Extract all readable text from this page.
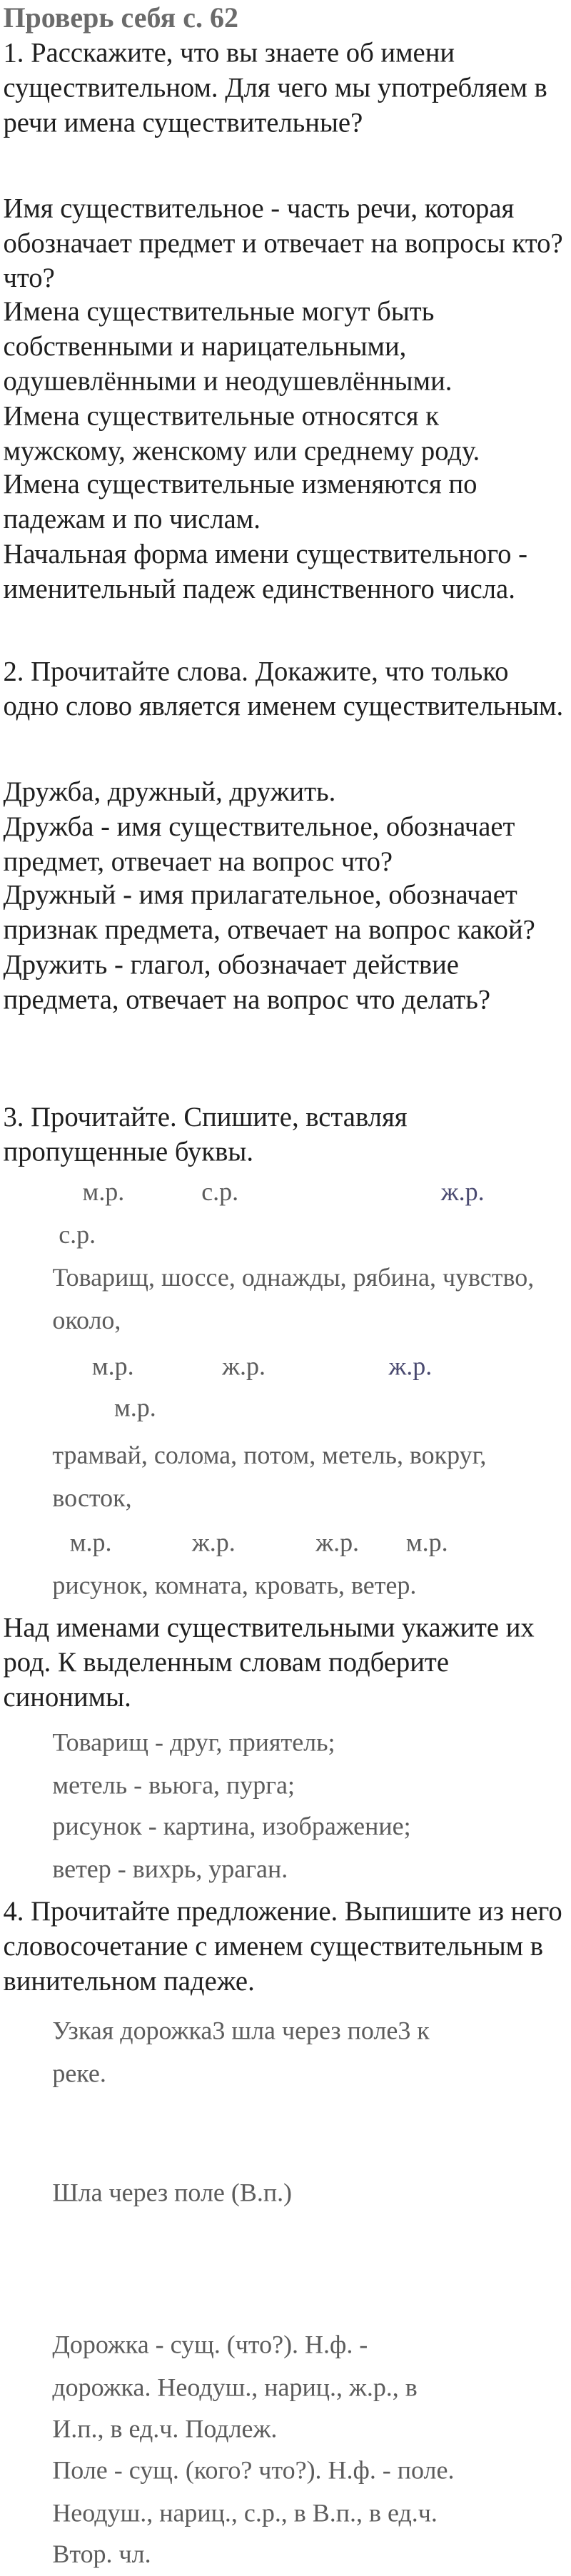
Проверь себя с. 62

1. Расскажите, что вы знаете об имени существительном. Для чего мы употребляем в речи имена существительные?

Имя существительное - часть речи, которая обозначает предмет и отвечает на вопросы кто? что?
Имена существительные могут быть собственными и нарицательными, одушевлёнными и неодушевлёнными.
Имена существительные относятся к мужскому, женскому или среднему роду.
Имена существительные изменяются по падежам и по числам.
Начальная форма имени существительного - именительный падеж единственного числа.

2. Прочитайте слова. Докажите, что только одно слово является именем существительным.

Дружба, дружный, дружить.
Дружба - имя существительное, обозначает предмет, отвечает на вопрос что?
Дружный - имя прилагательное, обозначает признак предмета, отвечает на вопрос какой?
Дружить - глагол, обозначает действие предмета, отвечает на вопрос что делать?

3. Прочитайте. Спишите, вставляя пропущенные буквы.

м.р.	с.р.	ж.р.
с.р.

Товарищ, шоссе, однажды, рябина, чувство, около,

м.р.	ж.р.	ж.р.
м.р.

трамвай, солома, потом, метель, вокруг, восток,

м.р.	ж.р.	ж.р.	м.р.

рисунок, комната, кровать, ветер.

Над именами существительными укажите их род. К выделенным словам подберите синонимы.

Товарищ - друг, приятель;
метель - вьюга, пурга;
рисунок - картина, изображение;
ветер - вихрь, ураган.

4. Прочитайте предложение. Выпишите из него словосочетание с именем существительным в винительном падеже.

Узкая дорожка3 шла через поле3 к
реке.

Шла через поле (В.п.)

Дорожка - сущ. (что?). Н.ф. -
дорожка. Неодуш., нариц., ж.р., в
И.п., в ед.ч. Подлеж.
Поле - сущ. (кого? что?). Н.ф. - поле.
Неодуш., нариц., с.р., в В.п., в ед.ч.
Втор. чл.
